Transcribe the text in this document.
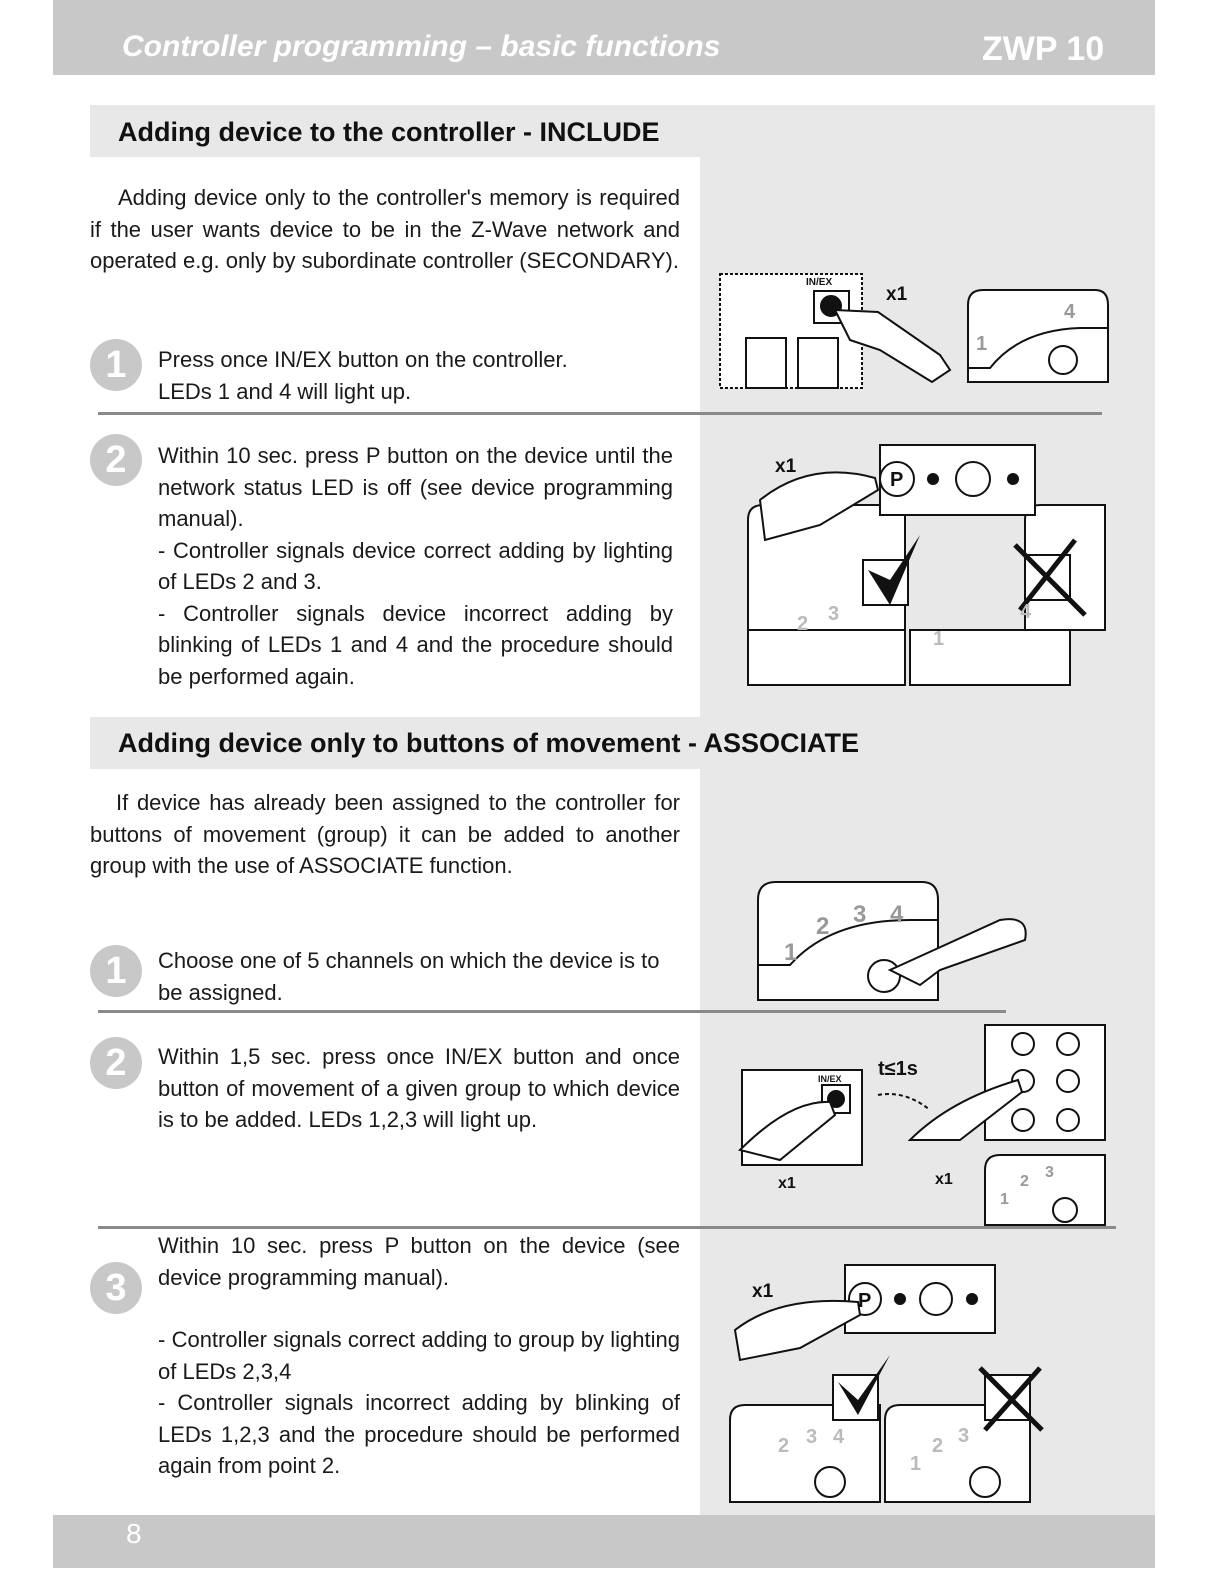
Controller programming – basic functions	ZWP 10
Adding device to the controller - INCLUDE
Adding device only to the controller's memory is required if the user wants device to be in the Z-Wave network and operated e.g. only by subordinate controller (SECONDARY).
1	Press once IN/EX button on the controller.
LEDs 1 and 4 will light up.
2	Within 10 sec. press P button on the device until the network status LED is off (see device programming manual).
- Controller signals device correct adding by lighting of LEDs 2 and 3.
- Controller signals device incorrect adding by blinking of LEDs 1 and 4 and the procedure should be performed again.
IN/EX
x1
x1
P
1
4
2 3
1
4
Adding device only to buttons of movement - ASSOCIATE
If device has already been assigned to the controller for buttons of movement (group) it can be added to another group with the use of ASSOCIATE function.
1	Choose one of 5 channels on which the device is to be assigned.
2	Within 1,5 sec. press once IN/EX button and once button of movement of a given group to which device is to be added. LEDs 1,2,3 will light up.
3
Within 10 sec. press P button on the device (see device programming manual).
- Controller signals correct adding to group by lighting of LEDs 2,3,4
- Controller signals incorrect adding by blinking of LEDs 1,2,3 and the procedure should be performed again from point 2.
1
2 3 4
IN/EX t≤1s
x1	x1
1
2
3
x1	P
2 3 4
1
2 3
8
